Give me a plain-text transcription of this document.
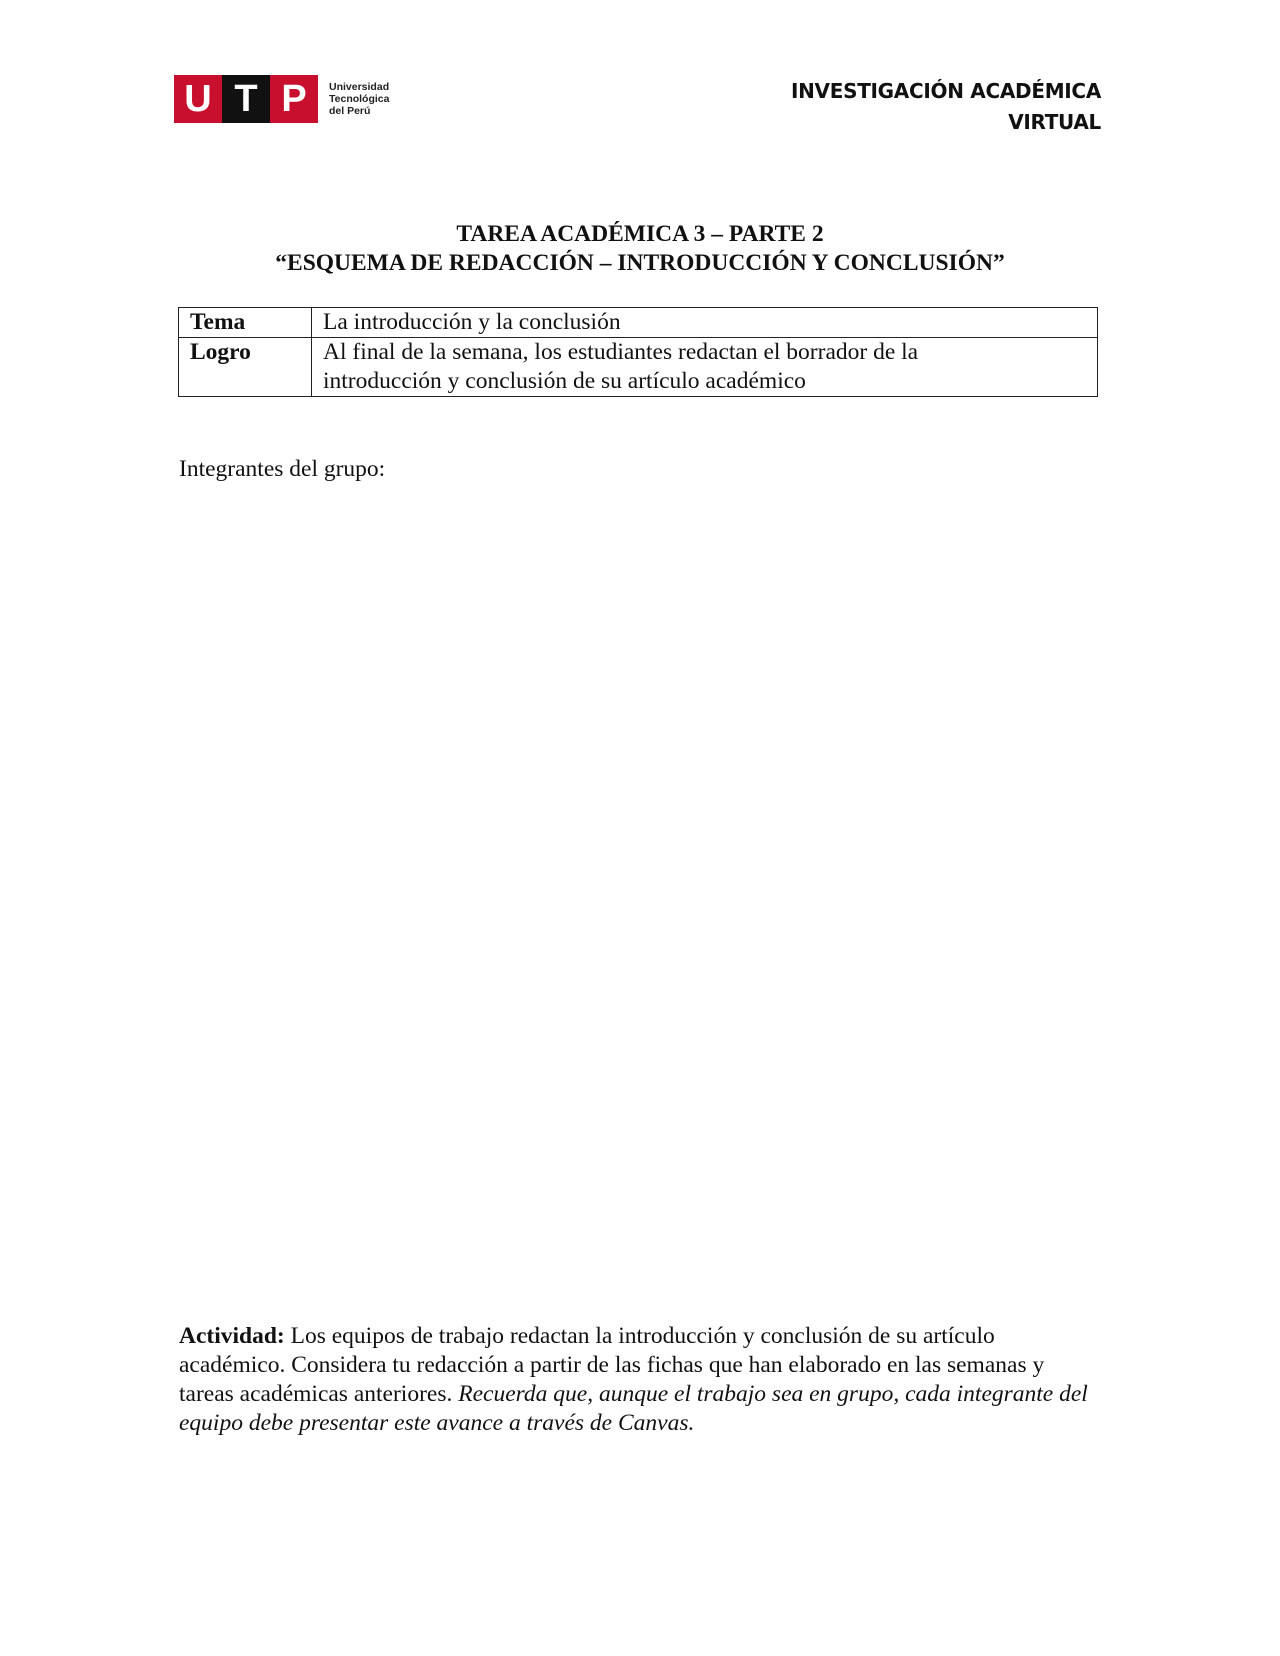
U T P	Universidad
Tecnológica
del Perú
INVESTIGACIÓN ACADÉMICA
VIRTUAL
TAREA ACADÉMICA 3 – PARTE 2
“ESQUEMA DE REDACCIÓN – INTRODUCCIÓN Y CONCLUSIÓN”
Tema	La introducción y la conclusión

Logro	Al final de la semana, los estudiantes redactan el borrador de la
introducción y conclusión de su artículo académico
Integrantes del grupo:
Actividad: Los equipos de trabajo redactan la introducción y conclusión de su artículo académico. Considera tu redacción a partir de las fichas que han elaborado en las semanas y tareas académicas anteriores. Recuerda que, aunque el trabajo sea en grupo, cada integrante del equipo debe presentar este avance a través de Canvas.
